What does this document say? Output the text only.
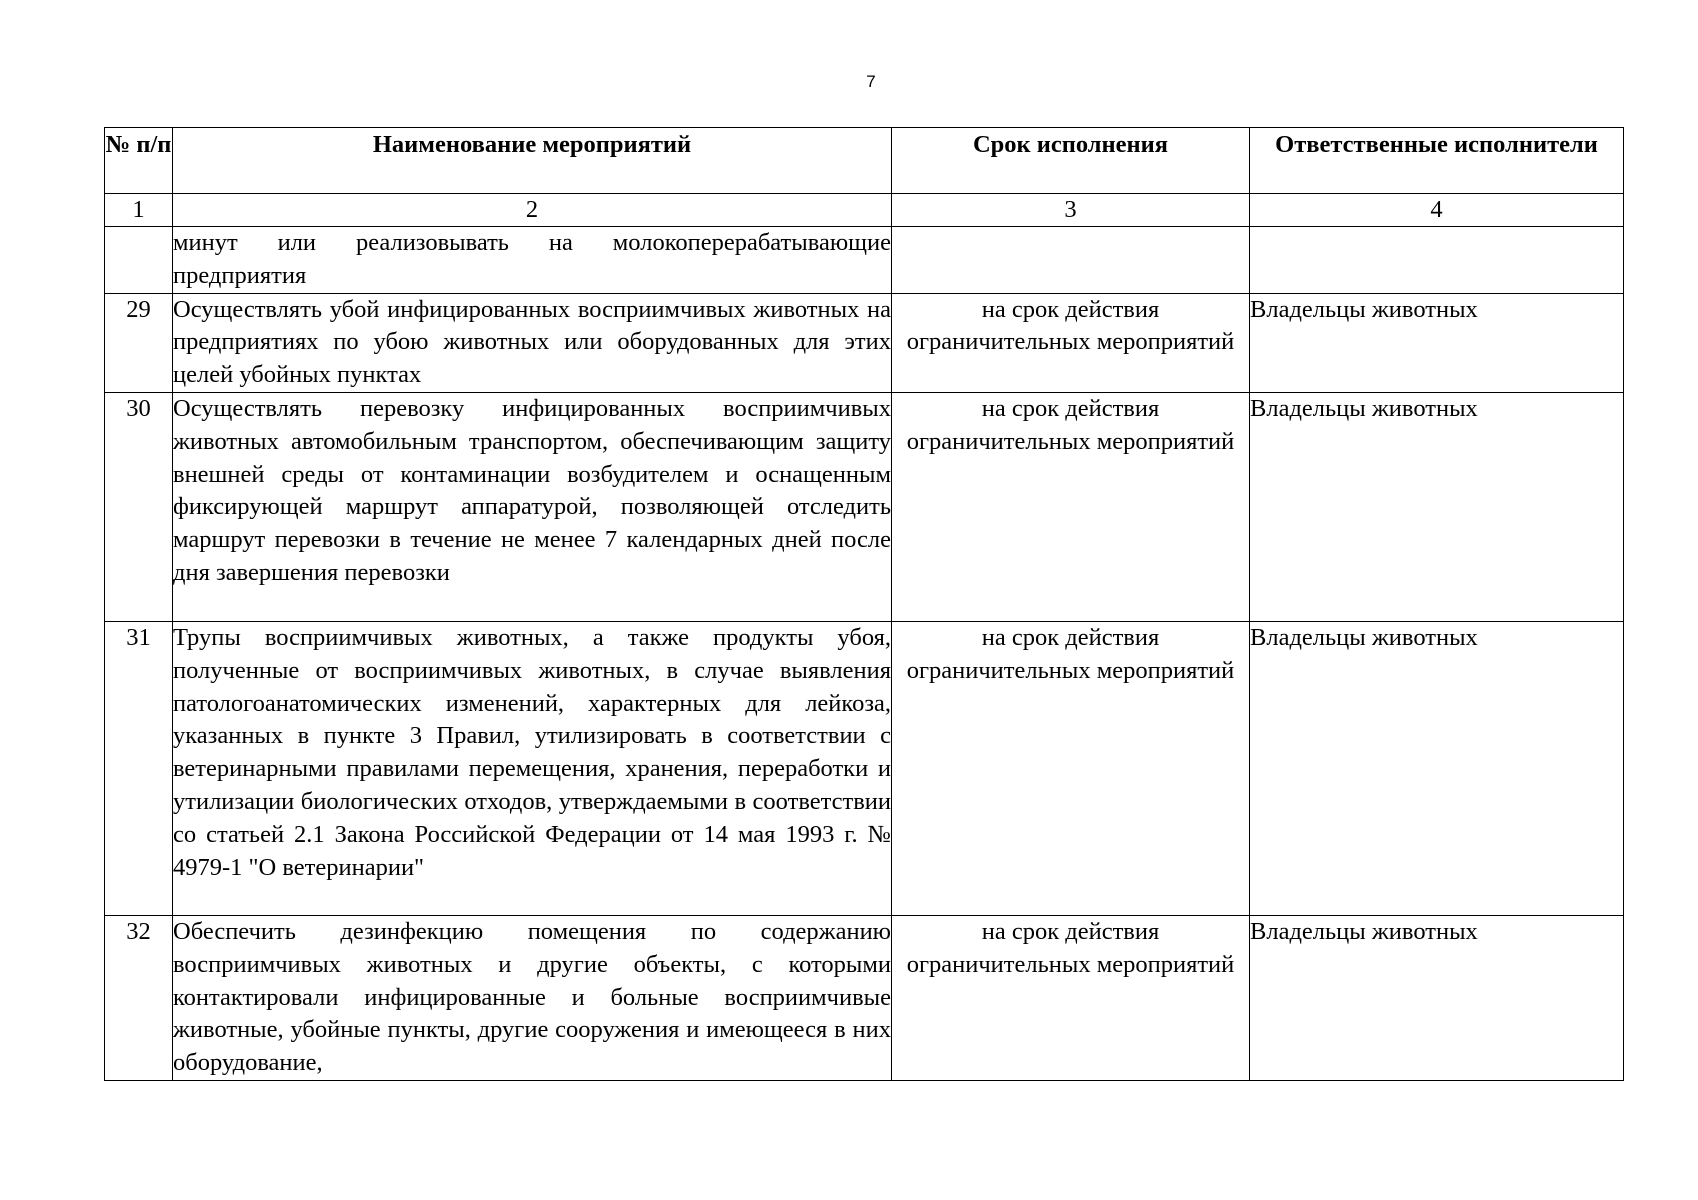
7
№ п/п	Наименование мероприятий	Срок исполнения	Ответственные исполнители
1	2	3	4

	минут или реализовывать на молокоперерабатывающие предприятия		

29	Осуществлять убой инфицированных восприимчивых животных на предприятиях по убою животных или оборудованных для этих целей убойных пунктах	на срок действия ограничительных мероприятий	Владельцы животных
30	Осуществлять перевозку инфицированных восприимчивых животных автомобильным транспортом, обеспечивающим защиту внешней среды от контаминации возбудителем и оснащенным фиксирующей маршрут аппаратурой, позволяющей отследить маршрут перевозки в течение не менее 7 календарных дней после дня завершения перевозки	на срок действия ограничительных мероприятий	Владельцы животных
31	Трупы восприимчивых животных, а также продукты убоя, полученные от восприимчивых животных, в случае выявления патологоанатомических изменений, характерных для лейкоза, указанных в пункте 3 Правил, утилизировать в соответствии с ветеринарными правилами перемещения, хранения, переработки и утилизации биологических отходов, утверждаемыми в соответствии со статьей 2.1 Закона Российской Федерации от 14 мая 1993 г. № 4979-1 "О ветеринарии"	на срок действия ограничительных мероприятий	Владельцы животных
32	Обеспечить дезинфекцию помещения по содержанию восприимчивых животных и другие объекты, с которыми контактировали инфицированные и больные восприимчивые животные, убойные пункты, другие сооружения и имеющееся в них оборудование,	на срок действия ограничительных мероприятий	Владельцы животных
